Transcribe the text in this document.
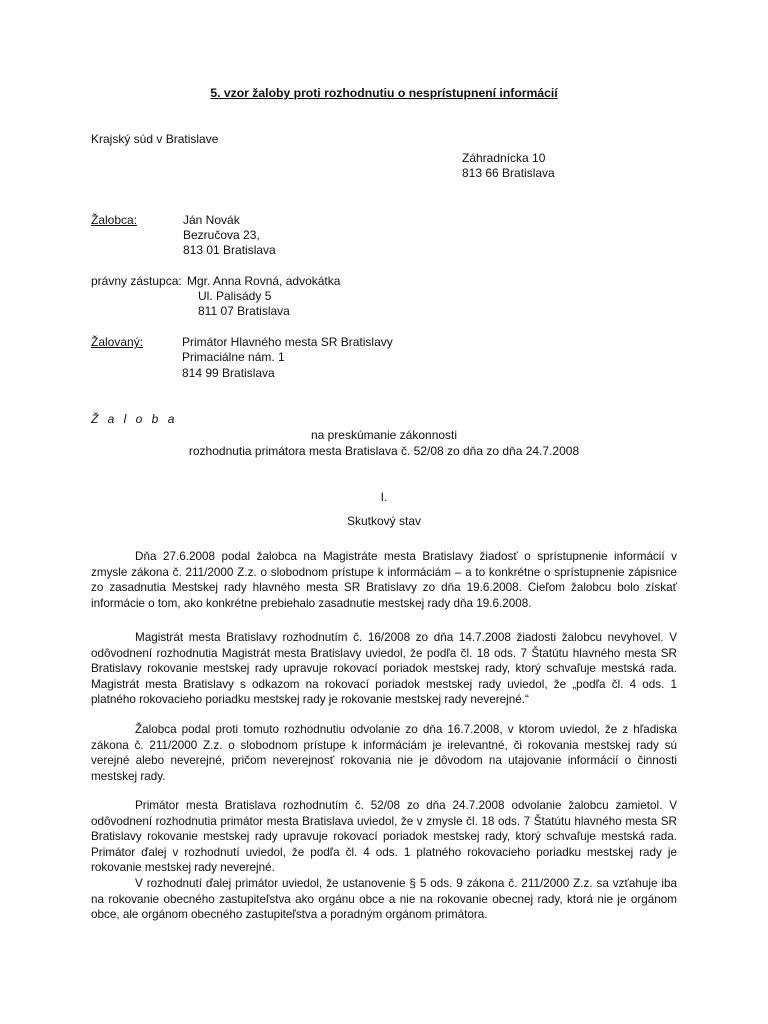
5. vzor žaloby proti rozhodnutiu o nesprístupnení informácií
Krajský súd v Bratislave
Záhradnícka 10
813 66 Bratislava
Žalobca:	Ján Novák
Bezručova 23,
813 01 Bratislava
právny zástupca: Mgr. Anna Rovná, advokátka
Ul. Palisády 5
811 07 Bratislava
Žalovaný:	Primátor Hlavného mesta SR Bratislavy
Primaciálne nám. 1
814 99 Bratislava
Ž a l o b a
na preskúmanie zákonnosti
rozhodnutia primátora mesta Bratislava č. 52/08 zo dňa zo dňa 24.7.2008
I.
Skutkový stav
Dňa 27.6.2008 podal žalobca na Magistráte mesta Bratislavy žiadosť o sprístupnenie informácií v zmysle zákona č. 211/2000 Z.z. o slobodnom prístupe k informáciám – a to konkrétne o sprístupnenie zápisnice zo zasadnutia Mestskej rady hlavného mesta SR Bratislavy zo dňa 19.6.2008. Cieľom žalobcu bolo získať informácie o tom, ako konkrétne prebiehalo zasadnutie mestskej rady dňa 19.6.2008.
Magistrát mesta Bratislavy rozhodnutím č. 16/2008 zo dňa 14.7.2008 žiadosti žalobcu nevyhovel. V odôvodnení rozhodnutia Magistrát mesta Bratislavy uviedol, že podľa čl. 18 ods. 7 Štatútu hlavného mesta SR Bratislavy rokovanie mestskej rady upravuje rokovací poriadok mestskej rady, ktorý schvaľuje mestská rada. Magistrát mesta Bratislavy s odkazom na rokovací poriadok mestskej rady uviedol, že „podľa čl. 4 ods. 1 platného rokovacieho poriadku mestskej rady je rokovanie mestskej rady neverejné.“
Žalobca podal proti tomuto rozhodnutiu odvolanie zo dňa 16.7.2008, v ktorom uviedol, že z hľadiska zákona č. 211/2000 Z.z. o slobodnom prístupe k informáciám je irelevantné, či rokovania mestskej rady sú verejné alebo neverejné, pričom neverejnosť rokovania nie je dôvodom na utajovanie informácií o činnosti mestskej rady.
Primátor mesta Bratislava rozhodnutím č. 52/08 zo dňa 24.7.2008 odvolanie žalobcu zamietol. V odôvodnení rozhodnutia primátor mesta Bratislava uviedol, že v zmysle čl. 18 ods. 7 Štatútu hlavného mesta SR Bratislavy rokovanie mestskej rady upravuje rokovací poriadok mestskej rady, ktorý schvaľuje mestská rada. Primátor ďalej v rozhodnutí uviedol, že podľa čl. 4 ods. 1 platného rokovacieho poriadku mestskej rady je rokovanie mestskej rady neverejné.
V rozhodnutí ďalej primátor uviedol, že ustanovenie § 5 ods. 9 zákona č. 211/2000 Z.z. sa vzťahuje iba na rokovanie obecného zastupiteľstva ako orgánu obce a nie na rokovanie obecnej rady, ktorá nie je orgánom obce, ale orgánom obecného zastupiteľstva a poradným orgánom primátora.
